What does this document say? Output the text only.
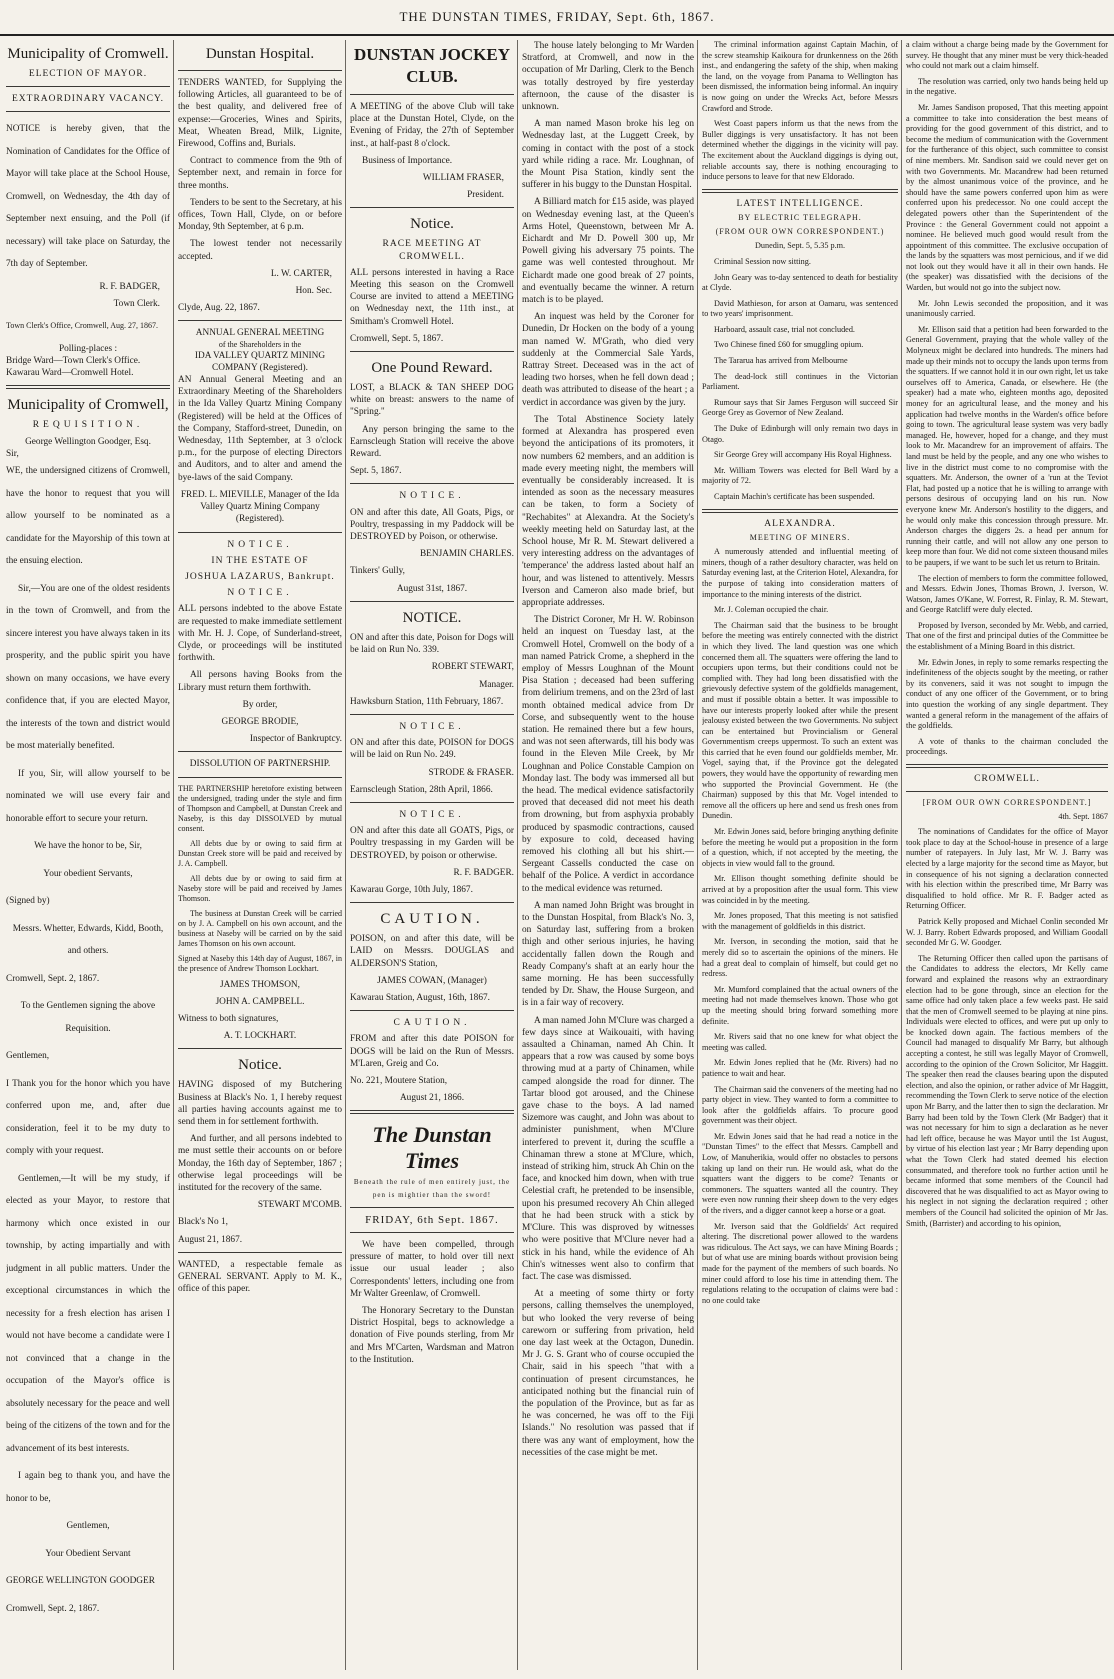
THE DUNSTAN TIMES, FRIDAY, Sept. 6th, 1867.
Municipality of Cromwell.
ELECTION OF MAYOR.
EXTRAORDINARY VACANCY.

NOTICE is hereby given, that the Nomination of Candidates for the Office of Mayor will take place at the School House, Cromwell, on Wednesday, the 4th day of September next ensuing, and the Poll (if necessary) will take place on Saturday, the 7th day of September.

R. F. BADGER,
Town Clerk.

Town Clerk's Office, Cromwell, Aug. 27, 1867.

Polling-places :
Bridge Ward—Town Clerk's Office.
Kawarau Ward—Cromwell Hotel.
Municipality of Cromwell,
REQUISITION.
George Wellington Goodger, Esq.
Sir,

WE, the undersigned citizens of Cromwell, have the honor to request that you will allow yourself to be nominated as a candidate for the Mayorship of this town at the ensuing election.

Sir,—You are one of the oldest residents in the town of Cromwell, and from the sincere interest you have always taken in its prosperity, and the public spirit you have shown on many occasions, we have every confidence that, if you are elected Mayor, the interests of the town and district would be most materially benefited.

If you, Sir, will allow yourself to be nominated we will use every fair and honorable effort to secure your return.

We have the honor to be, Sir,

Your obedient Servants,

(Signed by)

Messrs. Whetter, Edwards, Kidd, Booth, and others.

Cromwell, Sept. 2, 1867.

To the Gentlemen signing the above Requisition.

Gentlemen,

I Thank you for the honor which you have conferred upon me, and, after due consideration, feel it to be my duty to comply with your request.

Gentlemen,—It will be my study, if elected as your Mayor, to restore that harmony which once existed in our township, by acting impartially and with judgment in all public matters. Under the exceptional circumstances in which the necessity for a fresh election has arisen I would not have become a candidate were I not convinced that a change in the occupation of the Mayor's office is absolutely necessary for the peace and well being of the citizens of the town and for the advancement of its best interests.

I again beg to thank you, and have the honor to be,

Gentlemen,

Your Obedient Servant

GEORGE WELLINGTON GOODGER

Cromwell, Sept. 2, 1867.

Dunstan Hospital.

TENDERS WANTED, for Supplying the following Articles, all guaranteed to be of the best quality, and delivered free of expense:—Groceries, Wines and Spirits, Meat, Wheaten Bread, Milk, Lignite, Firewood, Coffins and, Burials.

Contract to commence from the 9th of September next, and remain in force for three months.

Tenders to be sent to the Secretary, at his offices, Town Hall, Clyde, on or before Monday, 9th September, at 6 p.m.

The lowest tender not necessarily accepted.

L. W. CARTER,
Hon. Sec.

Clyde, Aug. 22, 1867.

ANNUAL GENERAL MEETING
of the Shareholders in the
IDA VALLEY QUARTZ MINING COMPANY (Registered).

AN Annual General Meeting and an Extraordinary Meeting of the Shareholders in the Ida Valley Quartz Mining Company (Registered) will be held at the Offices of the Company, Stafford-street, Dunedin, on Wednesday, 11th September, at 3 o'clock p.m., for the purpose of electing Directors and Auditors, and to alter and amend the bye-laws of the said Company.

FRED. L. MIEVILLE, Manager of the Ida Valley Quartz Mining Company (Registered).

NOTICE.
IN THE ESTATE OF
JOSHUA LAZARUS, Bankrupt.
NOTICE.

ALL persons indebted to the above Estate are requested to make immediate settlement with Mr. H. J. Cope, of Sunderland-street, Clyde, or proceedings will be instituted forthwith.

All persons having Books from the Library must return them forthwith.

By order,

GEORGE BRODIE,

Inspector of Bankruptcy.

DISSOLUTION OF PARTNERSHIP.

THE PARTNERSHIP heretofore existing between the undersigned, trading under the style and firm of Thompson and Campbell, at Dunstan Creek and Naseby, is this day DISSOLVED by mutual consent.

All debts due by or owing to said firm at Dunstan Creek store will be paid and received by J. A. Campbell.

All debts due by or owing to said firm at Naseby store will be paid and received by James Thomson.

The business at Dunstan Creek will be carried on by J. A. Campbell on his own account, and the business at Naseby will be carried on by the said James Thomson on his own account.

Signed at Naseby this 14th day of August, 1867, in the presence of Andrew Thomson Lockhart.

JAMES THOMSON,

JOHN A. CAMPBELL.

Witness to both signatures,

A. T. LOCKHART.

Notice.

HAVING disposed of my Butchering Business at Black's No. 1, I hereby request all parties having accounts against me to send them in for settlement forthwith.

And further, and all persons indebted to me must settle their accounts on or before Monday, the 16th day of September, 1867 ; otherwise legal proceedings will be instituted for the recovery of the same.

STEWART M'COMB.

Black's No 1,

August 21, 1867.

WANTED, a respectable female as GENERAL SERVANT. Apply to M. K., office of this paper.

DUNSTAN JOCKEY CLUB.

A MEETING of the above Club will take place at the Dunstan Hotel, Clyde, on the Evening of Friday, the 27th of September inst., at half-past 8 o'clock.

Business of Importance.

WILLIAM FRASER,
President.
Notice.
RACE MEETING AT CROMWELL.

ALL persons interested in having a Race Meeting this season on the Cromwell Course are invited to attend a MEETING on Wednesday next, the 11th inst., at Smitham's Cromwell Hotel.

Cromwell, Sept. 5, 1867.

One Pound Reward.

LOST, a BLACK & TAN SHEEP DOG white on breast: answers to the name of "Spring."

Any person bringing the same to the Earnscleugh Station will receive the above Reward.

Sept. 5, 1867.

NOTICE.

ON and after this date, All Goats, Pigs, or Poultry, trespassing in my Paddock will be DESTROYED by Poison, or otherwise.

BENJAMIN CHARLES.

Tinkers' Gully,

August 31st, 1867.

NOTICE.

ON and after this date, Poison for Dogs will be laid on Run No. 339.

ROBERT STEWART,

Manager.

Hawksburn Station, 11th February, 1867.

NOTICE.

ON and after this date, POISON for DOGS will be laid on Run No. 249.

STRODE & FRASER.

Earnscleugh Station, 28th April, 1866.

NOTICE.

ON and after this date all GOATS, Pigs, or Poultry trespassing in my Garden will be DESTROYED, by poison or otherwise.

R. F. BADGER.

Kawarau Gorge, 10th July, 1867.

CAUTION.

POISON, on and after this date, will be LAID on Messrs. DOUGLAS and ALDERSON'S Station,

JAMES COWAN, (Manager)

Kawarau Station, August, 16th, 1867.

CAUTION.

FROM and after this date POISON for DOGS will be laid on the Run of Messrs. M'Laren, Greig and Co.

No. 221, Moutere Station,

August 21, 1866.

The Dunstan Times
Beneath the rule of men entirely just, the pen is mightier than the sword!
FRIDAY, 6th Sept. 1867.

We have been compelled, through pressure of matter, to hold over till next issue our usual leader ; also Correspondents' letters, including one from Mr Walter Greenlaw, of Cromwell.

The Honorary Secretary to the Dunstan District Hospital, begs to acknowledge a donation of Five pounds sterling, from Mr and Mrs M'Carten, Wardsman and Matron to the Institution.

The house lately belonging to Mr Warden Stratford, at Cromwell, and now in the occupation of Mr Darling, Clerk to the Bench was totally destroyed by fire yesterday afternoon, the cause of the disaster is unknown.

A man named Mason broke his leg on Wednesday last, at the Luggett Creek, by coming in contact with the post of a stock yard while riding a race. Mr. Loughnan, of the Mount Pisa Station, kindly sent the sufferer in his buggy to the Dunstan Hospital.

A Billiard match for £15 aside, was played on Wednesday evening last, at the Queen's Arms Hotel, Queenstown, between Mr A. Eichardt and Mr D. Powell 300 up, Mr Powell giving his adversary 75 points. The game was well contested throughout. Mr Eichardt made one good break of 27 points, and eventually became the winner. A return match is to be played.

An inquest was held by the Coroner for Dunedin, Dr Hocken on the body of a young man named W. M'Grath, who died very suddenly at the Commercial Sale Yards, Rattray Street. Deceased was in the act of leading two horses, when he fell down dead ; death was attributed to disease of the heart ; a verdict in accordance was given by the jury.

The Total Abstinence Society lately formed at Alexandra has prospered even beyond the anticipations of its promoters, it now numbers 62 members, and an addition is made every meeting night, the members will eventually be considerably increased. It is intended as soon as the necessary measures can be taken, to form a Society of "Rechabites" at Alexandra. At the Society's weekly meeting held on Saturday last, at the School house, Mr R. M. Stewart delivered a very interesting address on the advantages of 'temperance' the address lasted about half an hour, and was listened to attentively. Messrs Iverson and Cameron also made brief, but appropriate addresses.

The District Coroner, Mr H. W. Robinson held an inquest on Tuesday last, at the Cromwell Hotel, Cromwell on the body of a man named Patrick Crome, a shepherd in the employ of Messrs Loughnan of the Mount Pisa Station ; deceased had been suffering from delirium tremens, and on the 23rd of last month obtained medical advice from Dr Corse, and subsequently went to the house station. He remained there but a few hours, and was not seen afterwards, till his body was found in the Eleven Mile Creek, by Mr Loughnan and Police Constable Campion on Monday last. The body was immersed all but the head. The medical evidence satisfactorily proved that deceased did not meet his death from drowning, but from asphyxia probably produced by spasmodic contractions, caused by exposure to cold, deceased having removed his clothing all but his shirt.—Sergeant Cassells conducted the case on behalf of the Police. A verdict in accordance to the medical evidence was returned.

A man named John Bright was brought in to the Dunstan Hospital, from Black's No. 3, on Saturday last, suffering from a broken thigh and other serious injuries, he having accidentally fallen down the Rough and Ready Company's shaft at an early hour the same morning. He has been successfully tended by Dr. Shaw, the House Surgeon, and is in a fair way of recovery.

A man named John M'Clure was charged a few days since at Waikouaiti, with having assaulted a Chinaman, named Ah Chin. It appears that a row was caused by some boys throwing mud at a party of Chinamen, while camped alongside the road for dinner. The Tartar blood got aroused, and the Chinese gave chase to the boys. A lad named Sizemore was caught, and John was about to administer punishment, when M'Clure interfered to prevent it, during the scuffle a Chinaman threw a stone at M'Clure, which, instead of striking him, struck Ah Chin on the face, and knocked him down, when with true Celestial craft, he pretended to be insensible, upon his presumed recovery Ah Chin alleged that he had been struck with a stick by M'Clure. This was disproved by witnesses who were positive that M'Clure never had a stick in his hand, while the evidence of Ah Chin's witnesses went also to confirm that fact. The case was dismissed.

At a meeting of some thirty or forty persons, calling themselves the unemployed, but who looked the very reverse of being careworn or suffering from privation, held one day last week at the Octagon, Dunedin. Mr J. G. S. Grant who of course occupied the Chair, said in his speech "that with a continuation of present circumstances, he anticipated nothing but the financial ruin of the population of the Province, but as far as he was concerned, he was off to the Fiji Islands." No resolution was passed that if there was any want of employment, how the necessities of the case might be met.

The criminal information against Captain Machin, of the screw steamship Kaikoura for drunkenness on the 26th inst., and endangering the safety of the ship, when making the land, on the voyage from Panama to Wellington has been dismissed, the information being informal. An inquiry is now going on under the Wrecks Act, before Messrs Crawford and Strode.

West Coast papers inform us that the news from the Buller diggings is very unsatisfactory. It has not been determined whether the diggings in the vicinity will pay. The excitement about the Auckland diggings is dying out, reliable accounts say, there is nothing encouraging to induce persons to leave for that new Eldorado.

LATEST INTELLIGENCE.
BY ELECTRIC TELEGRAPH.
(FROM OUR OWN CORRESPONDENT.)

Dunedin, Sept. 5, 5.35 p.m.

Criminal Session now sitting.

John Geary was to-day sentenced to death for bestiality at Clyde.

David Mathieson, for arson at Oamaru, was sentenced to two years' imprisonment.

Harboard, assault case, trial not concluded.

Two Chinese fined £60 for smuggling opium.

The Tararua has arrived from Melbourne

The dead-lock still continues in the Victorian Parliament.

Rumour says that Sir James Ferguson will succeed Sir George Grey as Governor of New Zealand.

The Duke of Edinburgh will only remain two days in Otago.

Sir George Grey will accompany His Royal Highness.

Mr. William Towers was elected for Bell Ward by a majority of 72.

Captain Machin's certificate has been suspended.

ALEXANDRA.
MEETING OF MINERS.

A numerously attended and influential meeting of miners, though of a rather desultory character, was held on Saturday evening last, at the Criterion Hotel, Alexandra, for the purpose of taking into consideration matters of importance to the mining interests of the district.

Mr. J. Coleman occupied the chair.

The Chairman said that the business to be brought before the meeting was entirely connected with the district in which they lived. The land question was one which concerned them all. The squatters were offering the land to occupiers upon terms, but their conditions could not be complied with. They had long been dissatisfied with the grievously defective system of the goldfields management, and must if possible obtain a better. It was impossible to have our interests properly looked after while the present jealousy existed between the two Governments. No subject can be entertained but Provincialism or General Governmentism creeps uppermost. To such an extent was this carried that he even found our goldfields member, Mr. Vogel, saying that, if the Province got the delegated powers, they would have the opportunity of rewarding men who supported the Provincial Government. He (the Chairman) supposed by this that Mr. Vogel intended to remove all the officers up here and send us fresh ones from Dunedin.

Mr. Edwin Jones said, before bringing anything definite before the meeting he would put a proposition in the form of a question, which, if not accepted by the meeting, the objects in view would fall to the ground.

Mr. Ellison thought something definite should be arrived at by a proposition after the usual form. This view was coincided in by the meeting.

Mr. Jones proposed, That this meeting is not satisfied with the management of goldfields in this district.

Mr. Iverson, in seconding the motion, said that he merely did so to ascertain the opinions of the miners. He had a great deal to complain of himself, but could get no redress.

Mr. Mumford complained that the actual owners of the meeting had not made themselves known. Those who got up the meeting should bring forward something more definite.

Mr. Rivers said that no one knew for what object the meeting was called.

Mr. Edwin Jones replied that he (Mr. Rivers) had no patience to wait and hear.

The Chairman said the conveners of the meeting had no party object in view. They wanted to form a committee to look after the goldfields affairs. To procure good government was their object.

Mr. Edwin Jones said that he had read a notice in the "Dunstan Times" to the effect that Messrs. Campbell and Low, of Manuherikia, would offer no obstacles to persons taking up land on their run. He would ask, what do the squatters want the diggers to be come? Tenants or commoners. The squatters wanted all the country. They were even now running their sheep down to the very edges of the rivers, and a digger cannot keep a horse or a goat.

Mr. Iverson said that the Goldfields' Act required altering. The discretional power allowed to the wardens was ridiculous. The Act says, we can have Mining Boards ; but of what use are mining boards without provision being made for the payment of the members of such boards. No miner could afford to lose his time in attending them. The regulations relating to the occupation of claims were bad : no one could take

a claim without a charge being made by the Government for survey. He thought that any miner must be very thick-headed who could not mark out a claim himself.

The resolution was carried, only two hands being held up in the negative.

Mr. James Sandison proposed, That this meeting appoint a committee to take into consideration the best means of providing for the good government of this district, and to become the medium of communication with the Government for the furtherance of this object, such committee to consist of nine members. Mr. Sandison said we could never get on with two Governments. Mr. Macandrew had been returned by the almost unanimous voice of the province, and he should have the same powers conferred upon him as were conferred upon his predecessor. No one could accept the delegated powers other than the Superintendent of the Province : the General Government could not appoint a nominee. He believed much good would result from the appointment of this committee. The exclusive occupation of the lands by the squatters was most pernicious, and if we did not look out they would have it all in their own hands. He (the speaker) was dissatisfied with the decisions of the Warden, but would not go into the subject now.

Mr. John Lewis seconded the proposition, and it was unanimously carried.

Mr. Ellison said that a petition had been forwarded to the General Government, praying that the whole valley of the Molyneux might be declared into hundreds. The miners had made up their minds not to occupy the lands upon terms from the squatters. If we cannot hold it in our own right, let us take ourselves off to America, Canada, or elsewhere. He (the speaker) had a mate who, eighteen months ago, deposited money for an agricultural lease, and the money and his application had twelve months in the Warden's office before going to town. The agricultural lease system was very badly managed. He, however, hoped for a change, and they must look to Mr. Macandrew for an improvement of affairs. The land must be held by the people, and any one who wishes to live in the district must come to no compromise with the squatters. Mr. Anderson, the owner of a 'run at the Teviot Flat, had posted up a notice that he is willing to arrange with persons desirous of occupying land on his run. Now everyone knew Mr. Anderson's hostility to the diggers, and he would only make this concession through pressure. Mr. Anderson charges the diggers 2s. a head per annum for running their cattle, and will not allow any one person to keep more than four. We did not come sixteen thousand miles to be paupers, if we want to be such let us return to Britain.

The election of members to form the committee followed, and Messrs. Edwin Jones, Thomas Brown, J. Iverson, W. Watson, James O'Kane, W. Forrest, R. Finlay, R. M. Stewart, and George Ratcliff were duly elected.

Proposed by Iverson, seconded by Mr. Webb, and carried, That one of the first and principal duties of the Committee be the establishment of a Mining Board in this district.

Mr. Edwin Jones, in reply to some remarks respecting the indefiniteness of the objects sought by the meeting, or rather by its conveners, said it was not sought to impugn the conduct of any one officer of the Government, or to bring into question the working of any single department. They wanted a general reform in the management of the affairs of the goldfields.

A vote of thanks to the chairman concluded the proceedings.

CROMWELL.
[FROM OUR OWN CORRESPONDENT.]

4th. Sept. 1867

The nominations of Candidates for the office of Mayor took place to day at the School-house in presence of a large number of ratepayers. In July last, Mr W. J. Barry was elected by a large majority for the second time as Mayor, but in consequence of his not signing a declaration connected with his election within the prescribed time, Mr Barry was disqualified to hold office. Mr R. F. Badger acted as Returning Officer.

Patrick Kelly proposed and Michael Conlin seconded Mr W. J. Barry. Robert Edwards proposed, and William Goodall seconded Mr G. W. Goodger.

The Returning Officer then called upon the partisans of the Candidates to address the electors, Mr Kelly came forward and explained the reasons why an extraordinary election had to be gone through, since an election for the same office had only taken place a few weeks past. He said that the men of Cromwell seemed to be playing at nine pins. Individuals were elected to offices, and were put up only to be knocked down again. The factious members of the Council had managed to disqualify Mr Barry, but although accepting a contest, he still was legally Mayor of Cromwell, according to the opinion of the Crown Solicitor, Mr Haggitt. The speaker then read the clauses bearing upon the disputed election, and also the opinion, or rather advice of Mr Haggitt, recommending the Town Clerk to serve notice of the election upon Mr Barry, and the latter then to sign the declaration. Mr Barry had been told by the Town Clerk (Mr Badger) that it was not necessary for him to sign a declaration as he never had left office, because he was Mayor until the 1st August, by virtue of his election last year ; Mr Barry depending upon what the Town Clerk had stated deemed his election consummated, and therefore took no further action until he became informed that some members of the Council had discovered that he was disqualified to act as Mayor owing to his neglect in not signing the declaration required ; other members of the Council had solicited the opinion of Mr Jas. Smith, (Barrister) and according to his opinion,
